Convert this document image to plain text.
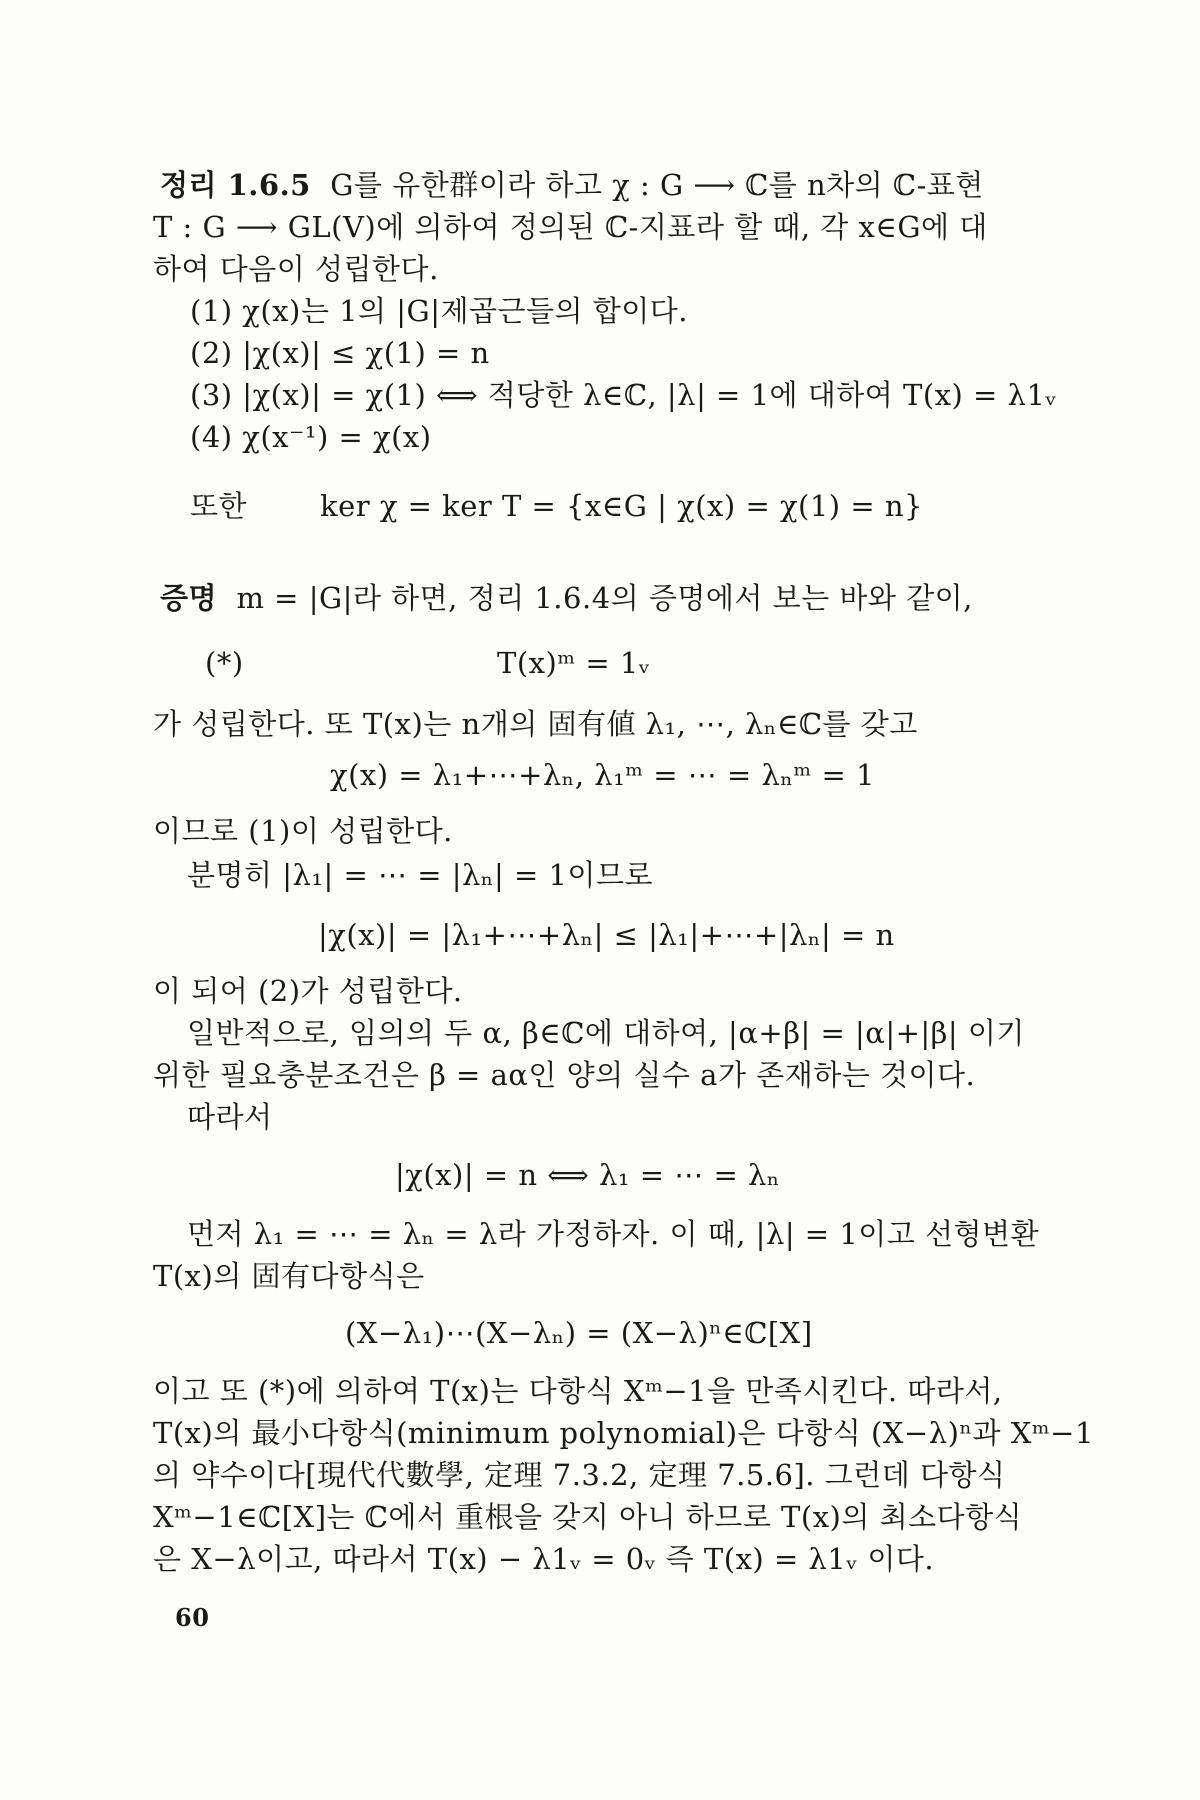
정리 1.6.5 G를 유한群이라 하고 χ : G ⟶ ℂ를 n차의 ℂ-표현
T : G ⟶ GL(V)에 의하여 정의된 ℂ-지표라 할 때, 각 x∈G에 대
하여 다음이 성립한다.
(1) χ(x)는 1의 |G|제곱근들의 합이다.
(2) |χ(x)| ≤ χ(1) = n
(3) |χ(x)| = χ(1) ⟺ 적당한 λ∈ℂ, |λ| = 1에 대하여 T(x) = λ1ᵥ
(4) χ(x⁻¹) = χ(x)
또한	ker χ = ker T = {x∈G | χ(x) = χ(1) = n}
증명 m = |G|라 하면, 정리 1.6.4의 증명에서 보는 바와 같이,
(*)	T(x)ᵐ = 1ᵥ
가 성립한다. 또 T(x)는 n개의 固有値 λ₁, ⋯, λₙ∈ℂ를 갖고
χ(x) = λ₁+⋯+λₙ, λ₁ᵐ = ⋯ = λₙᵐ = 1
이므로 (1)이 성립한다.
분명히 |λ₁| = ⋯ = |λₙ| = 1이므로
|χ(x)| = |λ₁+⋯+λₙ| ≤ |λ₁|+⋯+|λₙ| = n
이 되어 (2)가 성립한다.
일반적으로, 임의의 두 α, β∈ℂ에 대하여, |α+β| = |α|+|β| 이기
위한 필요충분조건은 β = aα인 양의 실수 a가 존재하는 것이다.
따라서
|χ(x)| = n ⟺ λ₁ = ⋯ = λₙ
먼저 λ₁ = ⋯ = λₙ = λ라 가정하자. 이 때, |λ| = 1이고 선형변환
T(x)의 固有다항식은
(X−λ₁)⋯(X−λₙ) = (X−λ)ⁿ∈ℂ[X]
이고 또 (*)에 의하여 T(x)는 다항식 Xᵐ−1을 만족시킨다. 따라서,
T(x)의 最小다항식(minimum polynomial)은 다항식 (X−λ)ⁿ과 Xᵐ−1
의 약수이다[現代代數學, 定理 7.3.2, 定理 7.5.6]. 그런데 다항식
Xᵐ−1∈ℂ[X]는 ℂ에서 重根을 갖지 아니 하므로 T(x)의 최소다항식
은 X−λ이고, 따라서 T(x) − λ1ᵥ = 0ᵥ 즉 T(x) = λ1ᵥ 이다.
60
